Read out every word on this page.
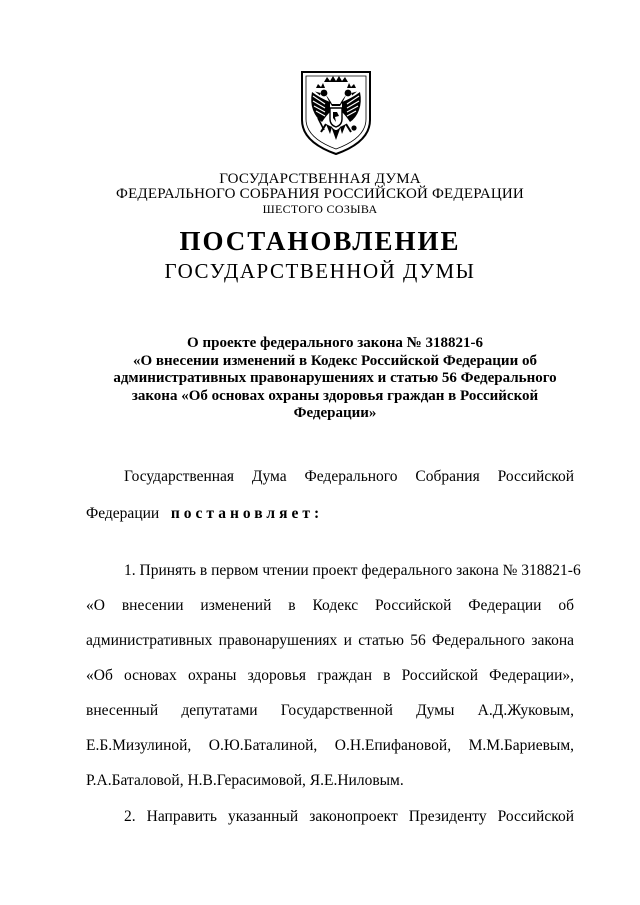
ГОСУДАРСТВЕННАЯ ДУМА
ФЕДЕРАЛЬНОГО СОБРАНИЯ РОССИЙСКОЙ ФЕДЕРАЦИИ
ШЕСТОГО СОЗЫВА
ПОСТАНОВЛЕНИЕ
ГОСУДАРСТВЕННОЙ ДУМЫ
О проекте федерального закона № 318821-6
«О внесении изменений в Кодекс Российской Федерации об
административных правонарушениях и статью 56 Федерального
закона «Об основах охраны здоровья граждан в Российской
Федерации»
Государственная Дума Федерального Собрания Российской
Федерации постановляет:
1. Принять в первом чтении проект федерального закона № 318821-6
«О внесении изменений в Кодекс Российской Федерации об
административных правонарушениях и статью 56 Федерального закона
«Об основах охраны здоровья граждан в Российской Федерации»,
внесенный депутатами Государственной Думы А.Д.Жуковым,
Е.Б.Мизулиной, О.Ю.Баталиной, О.Н.Епифановой, М.М.Бариевым,
Р.А.Баталовой, Н.В.Герасимовой, Я.Е.Ниловым.
2. Направить указанный законопроект Президенту Российской
